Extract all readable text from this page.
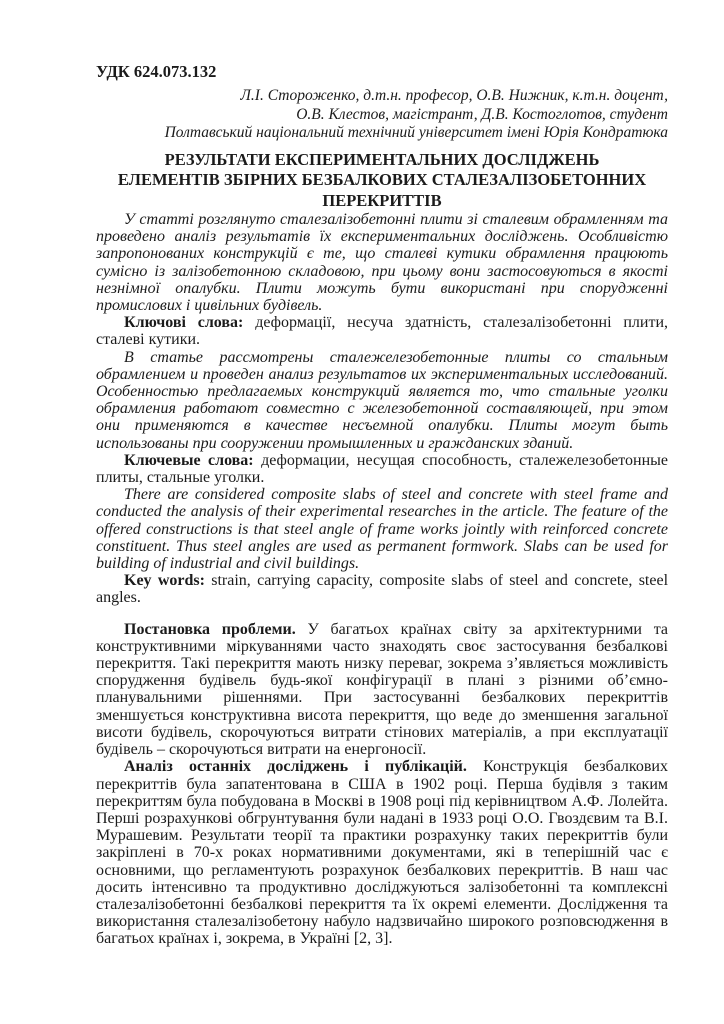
УДК 624.073.132

Л.І. Стороженко, д.т.н. професор, О.В. Нижник, к.т.н. доцент,
О.В. Клестов, магістрант, Д.В. Костоглотов, студент
Полтавський національний технічний університет імені Юрія Кондратюка
РЕЗУЛЬТАТИ ЕКСПЕРИМЕНТАЛЬНИХ ДОСЛІДЖЕНЬ
ЕЛЕМЕНТІВ ЗБІРНИХ БЕЗБАЛКОВИХ СТАЛЕЗАЛІЗОБЕТОННИХ
ПЕРЕКРИТТІВ

У статті розглянуто сталезалізобетонні плити зі сталевим обрамленням та проведено аналіз результатів їх експериментальних досліджень. Особливістю запропонованих конструкцій є те, що сталеві кутики обрамлення працюють сумісно із залізобетонною складовою, при цьому вони застосовуються в якості незнімної опалубки. Плити можуть бути використані при спорудженні промислових і цивільних будівель.

Ключові слова: деформації, несуча здатність, сталезалізобетонні плити, сталеві кутики.

В статье рассмотрены сталежелезобетонные плиты со стальным обрамлением и проведен анализ результатов их экспериментальных исследований. Особенностью предлагаемых конструкций является то, что стальные уголки обрамления работают совместно с железобетонной составляющей, при этом они применяются в качестве несъемной опалубки. Плиты могут быть использованы при сооружении промышленных и гражданских зданий.

Ключевые слова: деформации, несущая способность, сталежелезобетонные плиты, стальные уголки.

There are considered composite slabs of steel and concrete with steel frame and conducted the analysis of their experimental researches in the article. The feature of the offered constructions is that steel angle of frame works jointly with reinforced concrete constituent. Thus steel angles are used as permanent formwork. Slabs can be used for building of industrial and civil buildings.

Key words: strain, carrying capacity, composite slabs of steel and concrete, steel angles.

Постановка проблеми. У багатьох країнах світу за архітектурними та конструктивними міркуваннями часто знаходять своє застосування безбалкові перекриття. Такі перекриття мають низку переваг, зокрема з’являється можливість спорудження будівель будь-якої конфігурації в плані з різними об’ємно-планувальними рішеннями. При застосуванні безбалкових перекриттів зменшується конструктивна висота перекриття, що веде до зменшення загальної висоти будівель, скорочуються витрати стінових матеріалів, а при експлуатації будівель – скорочуються витрати на енергоносії.

Аналіз останніх досліджень і публікацій. Конструкція безбалкових перекриттів була запатентована в США в 1902 році. Перша будівля з таким перекриттям була побудована в Москві в 1908 році під керівництвом А.Ф. Лолейта. Перші розрахункові обгрунтування були надані в 1933 році О.О. Гвоздєвим та В.І. Мурашевим. Результати теорії та практики розрахунку таких перекриттів були закріплені в 70-х роках нормативними документами, які в теперішній час є основними, що регламентують розрахунок безбалкових перекриттів. В наш час досить інтенсивно та продуктивно досліджуються залізобетонні та комплексні сталезалізобетонні безбалкові перекриття та їх окремі елементи. Дослідження та використання сталезалізобетону набуло надзвичайно широкого розповсюдження в багатьох країнах і, зокрема, в Україні [2, 3].
